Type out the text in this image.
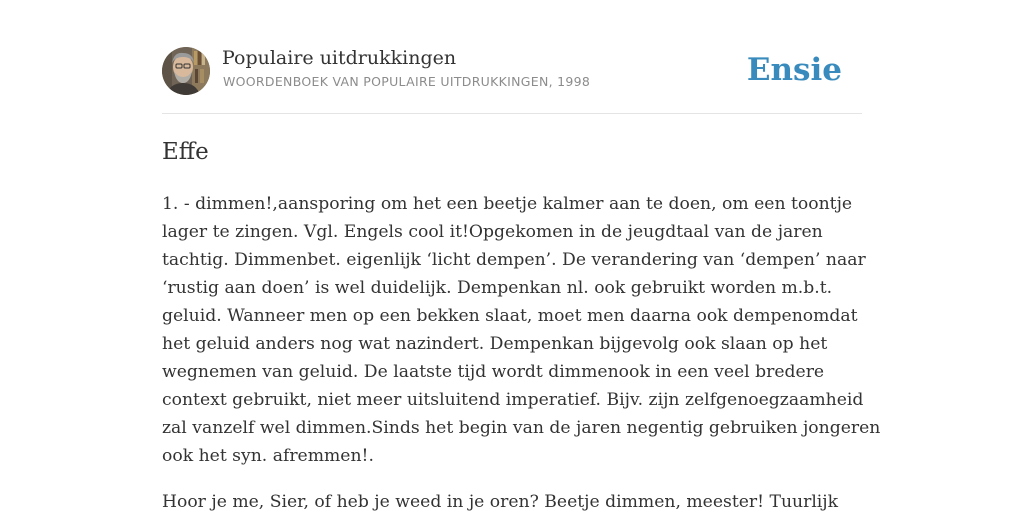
Populaire uitdrukkingen
WOORDENBOEK VAN POPULAIRE UITDRUKKINGEN, 1998	Ensie
Effe

1. - dimmen!,aansporing om het een beetje kalmer aan te doen, om een toontje
lager te zingen. Vgl. Engels cool it!Opgekomen in de jeugdtaal van de jaren
tachtig. Dimmenbet. eigenlijk ‘licht dempen’. De verandering van ‘dempen’ naar
‘rustig aan doen’ is wel duidelijk. Dempenkan nl. ook gebruikt worden m.b.t.
geluid. Wanneer men op een bekken slaat, moet men daarna ook dempenomdat
het geluid anders nog wat nazindert. Dempenkan bijgevolg ook slaan op het
wegnemen van geluid. De laatste tijd wordt dimmenook in een veel bredere
context gebruikt, niet meer uitsluitend imperatief. Bijv. zijn zelfgenoegzaamheid
zal vanzelf wel dimmen.Sinds het begin van de jaren negentig gebruiken jongeren
ook het syn. afremmen!.

Hoor je me, Sier, of heb je weed in je oren? Beetje dimmen, meester! Tuurlijk
